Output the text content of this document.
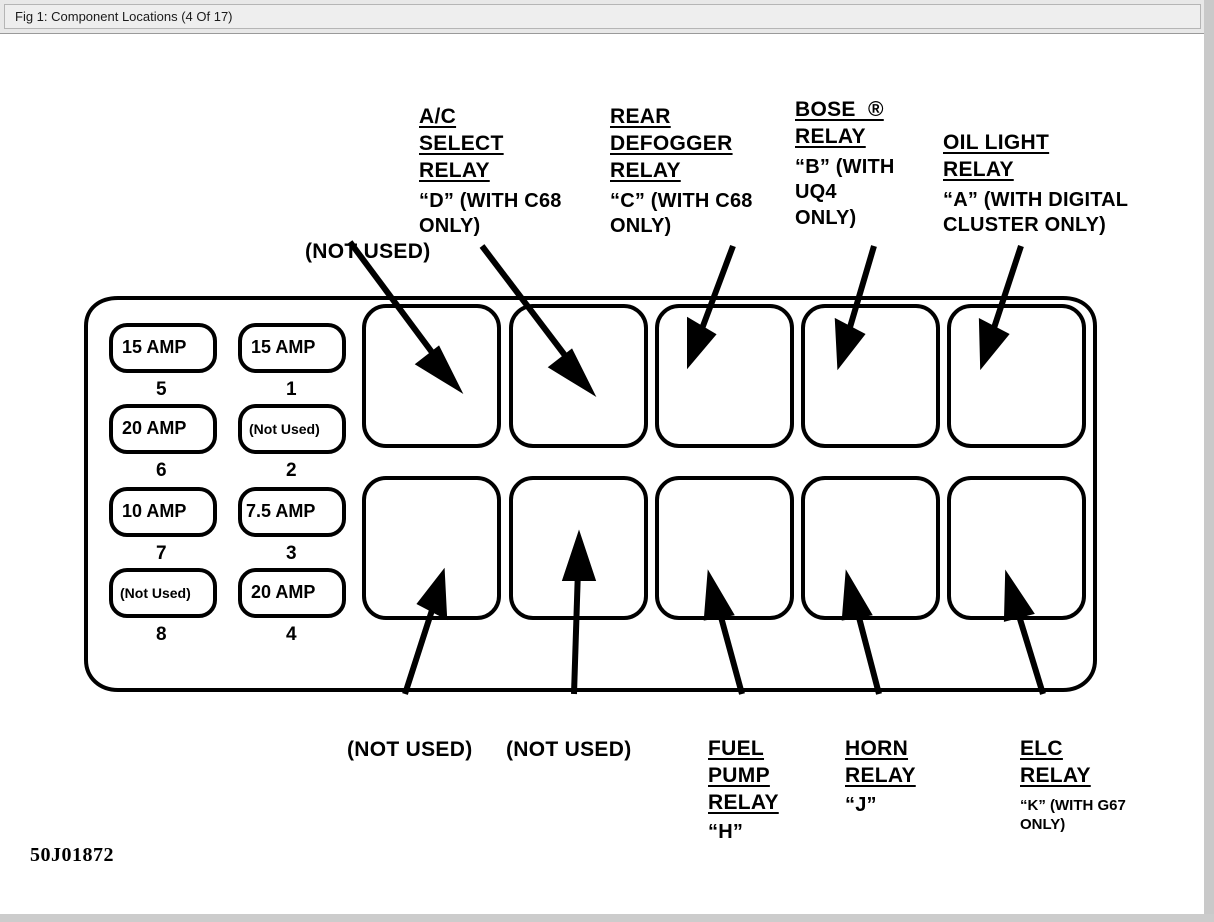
Fig 1: Component Locations (4 Of 17)
(NOT USED)
A/C
SELECT
RELAY
“D” (WITH C68
ONLY)
REAR
DEFOGGER
RELAY
“C” (WITH C68
ONLY)
BOSE  ®
RELAY
“B” (WITH
UQ4
ONLY)
OIL LIGHT
RELAY
“A” (WITH DIGITAL
CLUSTER ONLY)
(NOT USED) (NOT USED)	FUEL
PUMP
RELAY
“H”
HORN
RELAY
“J”
ELC
RELAY
“K” (WITH G67
ONLY)
15 AMP
5
20 AMP
6
10 AMP
7
(Not Used)
8
15 AMP
1
(Not Used)
2
7.5 AMP
3
20 AMP
4
50J01872
